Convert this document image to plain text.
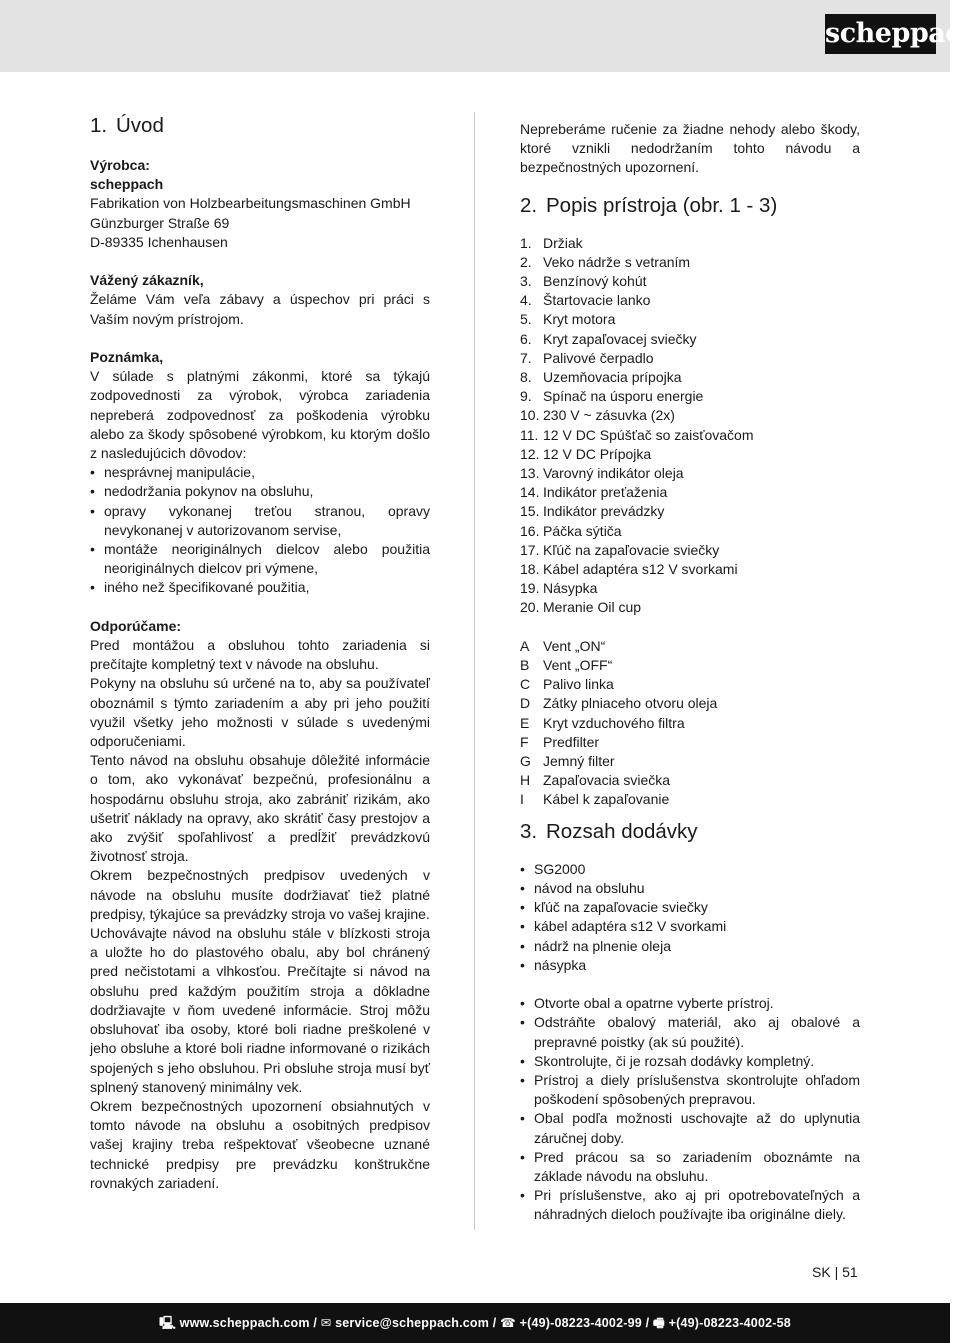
scheppach
1. Úvod

Výrobca:

scheppach

Fabrikation von Holzbearbeitungsmaschinen GmbH

Günzburger Straße 69

D-89335 Ichenhausen

Vážený zákazník,

Želáme Vám veľa zábavy a úspechov pri práci s Vaším novým prístrojom.

Poznámka,

V súlade s platnými zákonmi, ktoré sa týkajú zodpovednosti za výrobok, výrobca zariadenia nepreberá zodpovednosť za poškodenia výrobku alebo za škody spôsobené výrobkom, ku ktorým došlo z nasledujúcich dôvodov:

• nesprávnej manipulácie,
• nedodržania pokynov na obsluhu,
• opravy vykonanej treťou stranou, opravy nevykonanej v autorizovanom servise,
• montáže neoriginálnych dielcov alebo použitia neoriginálnych dielcov pri výmene,
• iného než špecifikované použitia,

Odporúčame:

Pred montážou a obsluhou tohto zariadenia si prečítajte kompletný text v návode na obsluhu.

Pokyny na obsluhu sú určené na to, aby sa používateľ oboznámil s týmto zariadením a aby pri jeho použití využil všetky jeho možnosti v súlade s uvedenými odporučeniami.

Tento návod na obsluhu obsahuje dôležité informácie o tom, ako vykonávať bezpečnú, profesionálnu a hospodárnu obsluhu stroja, ako zabrániť rizikám, ako ušetriť náklady na opravy, ako skrátiť časy prestojov a ako zvýšiť spoľahlivosť a predĺžiť prevádzkovú životnosť stroja.

Okrem bezpečnostných predpisov uvedených v návode na obsluhu musíte dodržiavať tiež platné predpisy, týkajúce sa prevádzky stroja vo vašej krajine.

Uchovávajte návod na obsluhu stále v blízkosti stroja a uložte ho do plastového obalu, aby bol chránený pred nečistotami a vlhkosťou. Prečítajte si návod na obsluhu pred každým použitím stroja a dôkladne dodržiavajte v ňom uvedené informácie. Stroj môžu obsluhovať iba osoby, ktoré boli riadne preškolené v jeho obsluhe a ktoré boli riadne informované o rizikách spojených s jeho obsluhou. Pri obsluhe stroja musí byť splnený stanovený minimálny vek.

Okrem bezpečnostných upozornení obsiahnutých v tomto návode na obsluhu a osobitných predpisov vašej krajiny treba rešpektovať všeobecne uznané technické predpisy pre prevádzku konštrukčne rovnakých zariadení.

Nepreberáme ručenie za žiadne nehody alebo škody, ktoré vznikli nedodržaním tohto návodu a bezpečnostných upozornení.

2. Popis prístroja (obr. 1 - 3)
1. Držiak
2. Veko nádrže s vetraním
3. Benzínový kohút
4. Štartovacie lanko
5. Kryt motora
6. Kryt zapaľovacej sviečky
7. Palivové čerpadlo
8. Uzemňovacia prípojka
9. Spínač na úsporu energie
10. 230 V ~ zásuvka (2x)
11. 12 V DC Spúšťač so zaisťovačom
12. 12 V DC Prípojka
13. Varovný indikátor oleja
14. Indikátor preťaženia
15. Indikátor prevádzky
16. Páčka sýtiča
17. Kľúč na zapaľovacie sviečky
18. Kábel adaptéra s12 V svorkami
19. Násypka
20. Meranie Oil cup
A Vent „ON“
B Vent „OFF“
C Palivo linka
D Zátky plniaceho otvoru oleja
E Kryt vzduchového filtra
F Predfilter
G Jemný filter
H Zapaľovacia sviečka
I Kábel k zapaľovanie
3. Rozsah dodávky
• SG2000
• návod na obsluhu
• kľúč na zapaľovacie sviečky
• kábel adaptéra s12 V svorkami
• nádrž na plnenie oleja
• násypka
• Otvorte obal a opatrne vyberte prístroj.
• Odstráňte obalový materiál, ako aj obalové a prepravné poistky (ak sú použité).
• Skontrolujte, či je rozsah dodávky kompletný.
• Prístroj a diely príslušenstva skontrolujte ohľadom poškodení spôsobených prepravou.
• Obal podľa možnosti uschovajte až do uplynutia záručnej doby.
• Pred prácou sa so zariadením oboznámte na základe návodu na obsluhu.
• Pri príslušenstve, ako aj pri opotrebovateľných a náhradných dieloch používajte iba originálne diely.
SK | 51
🖳︎ www.scheppach.com / ✉︎ service@scheppach.com / ☎︎ +(49)-08223-4002-99 / 🖷︎ +(49)-08223-4002-58
